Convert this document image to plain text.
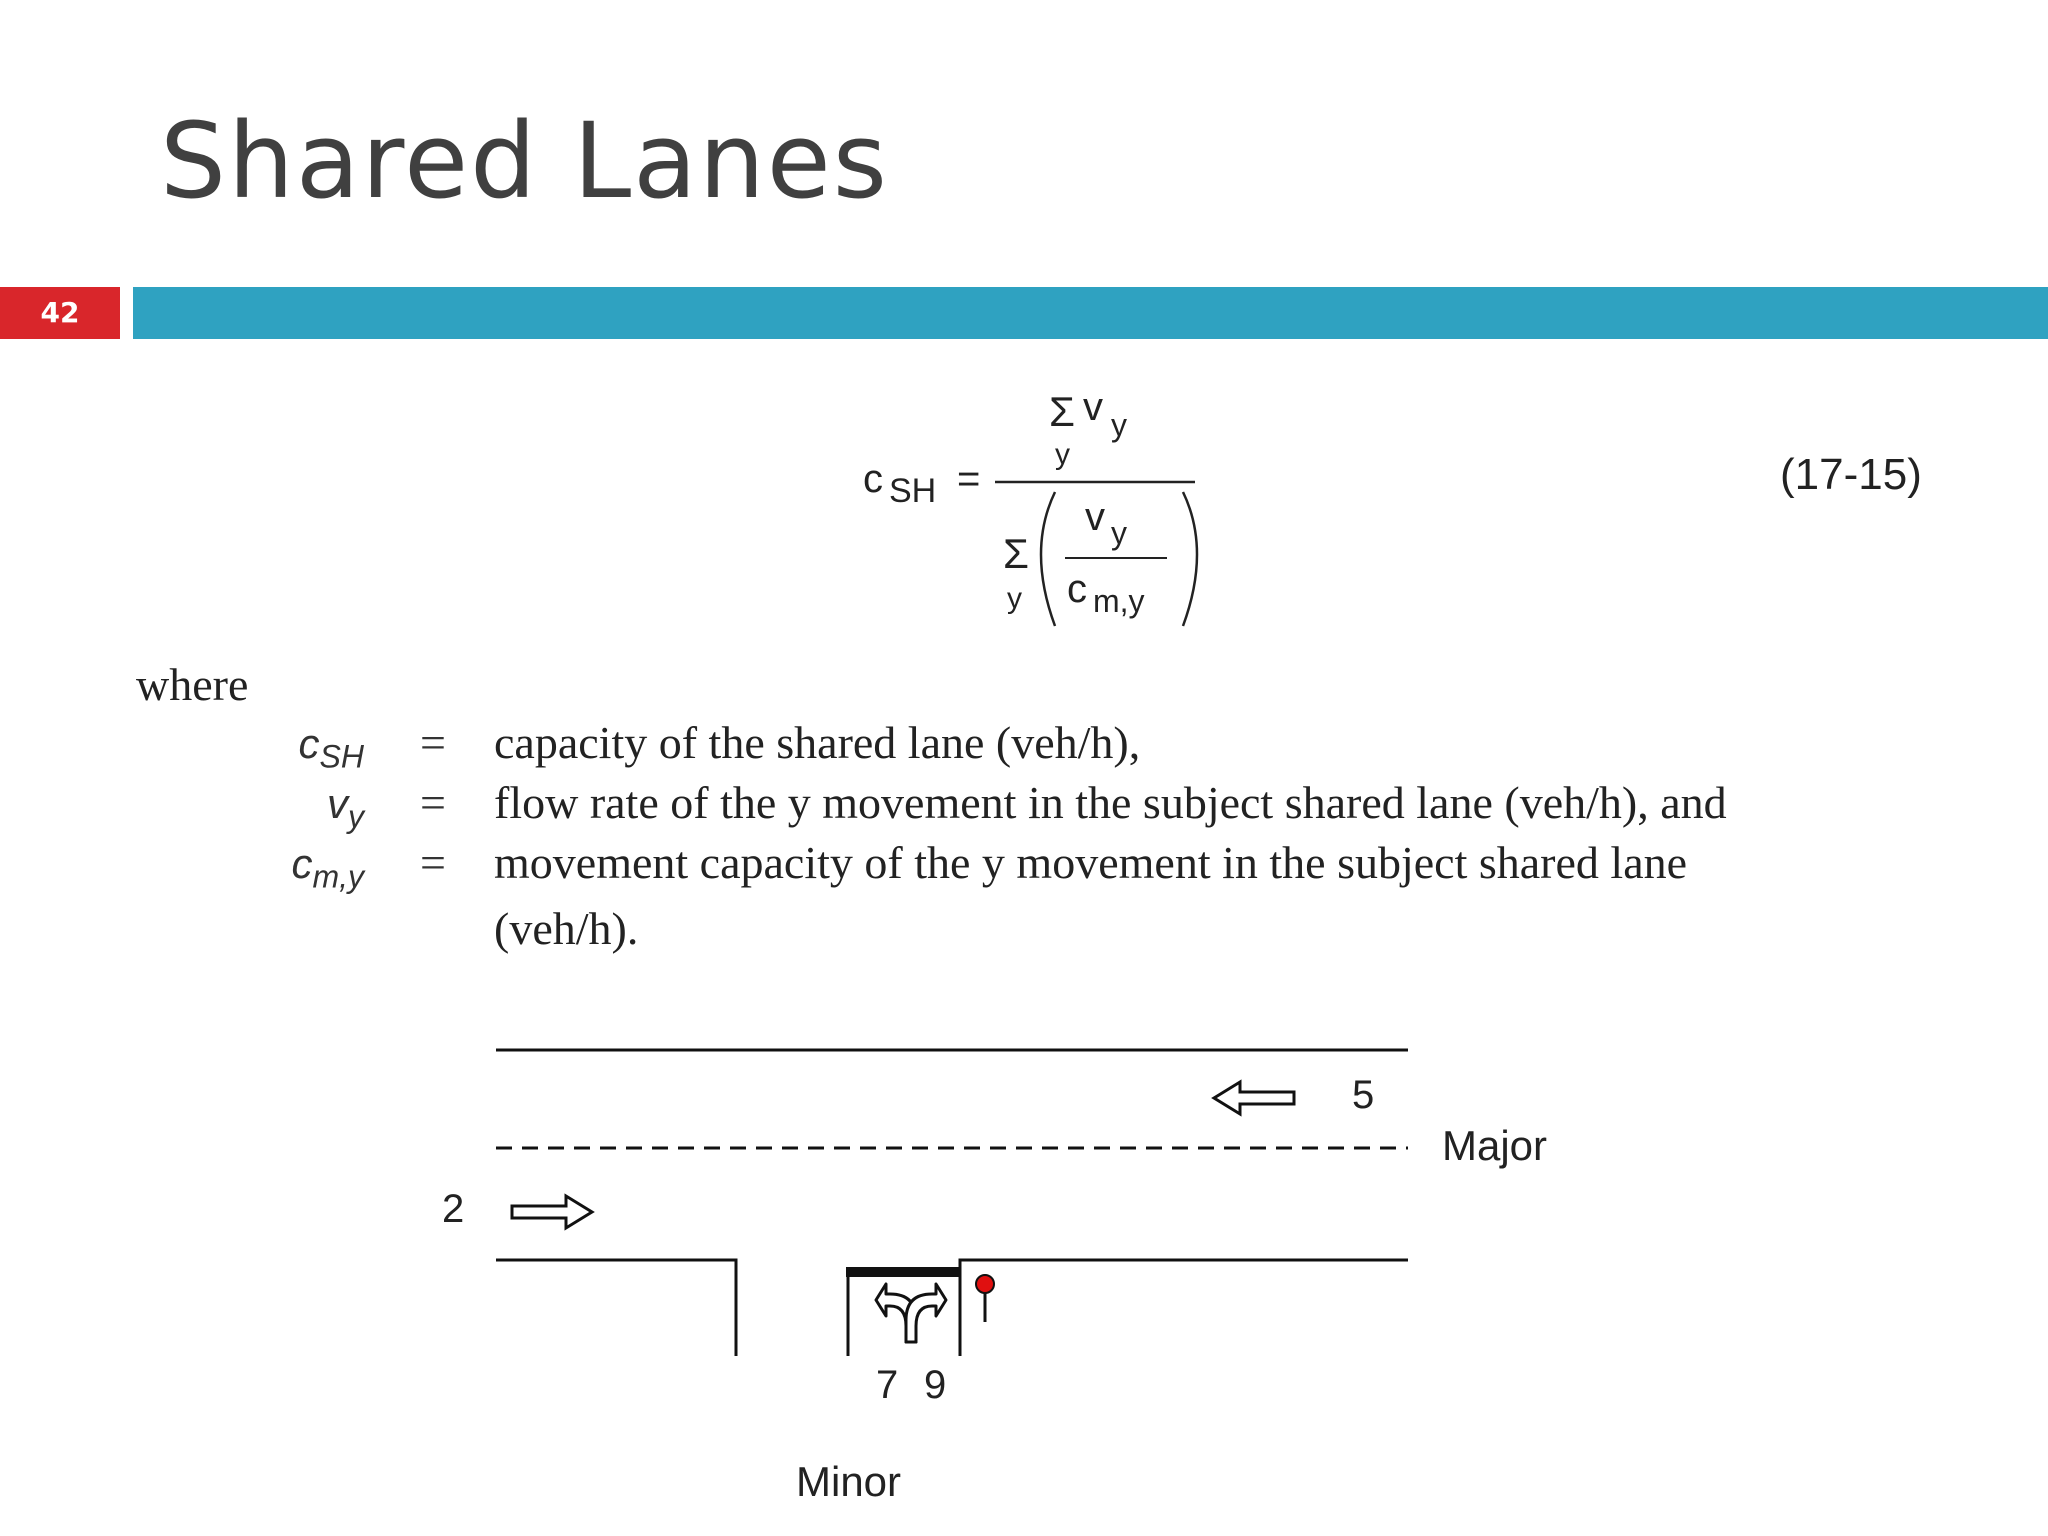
Shared Lanes
42
c SH =
Σ v y
y
Σ
y
v y
c m,y
(17-15)
where
$c_{SH}$ = capacity of the shared lane (veh/h),
$v_y$ = flow rate of the y movement in the subject shared lane (veh/h), and
$c_{m,y}$ = movement capacity of the y movement in the subject shared lane
(veh/h).
5
2
7 9
Major
Minor
